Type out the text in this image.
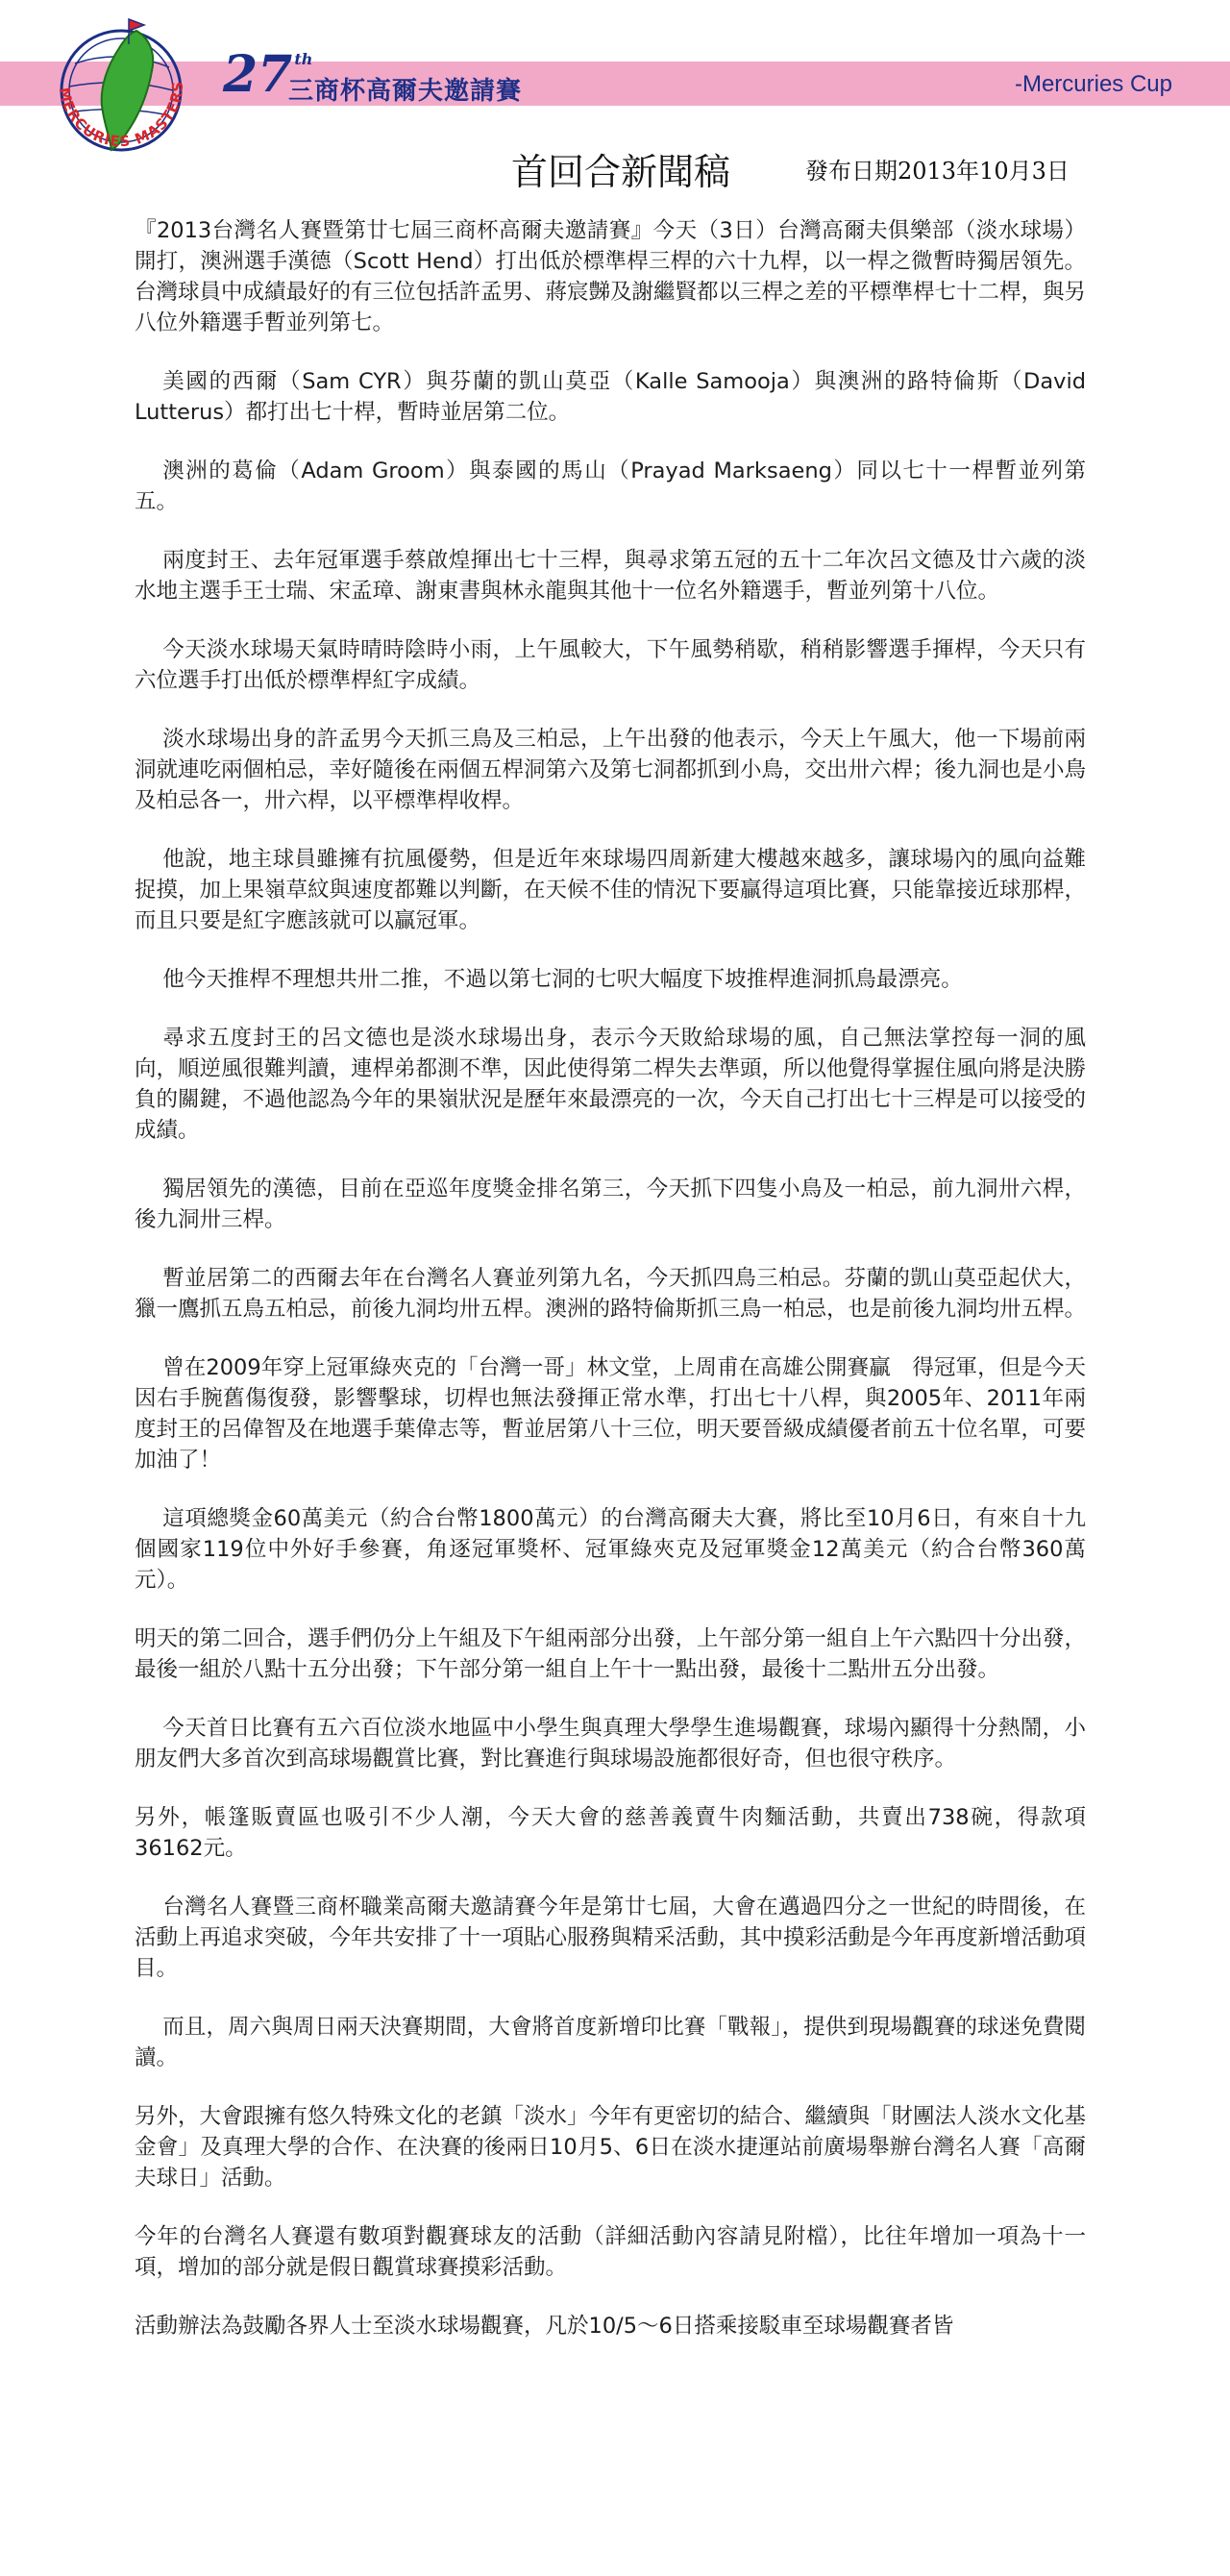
MERCURIES MASTERS 27 $^{th}$
三商杯高爾夫邀請賽	-Mercuries Cup
首回合新聞稿	發布日期2013年10月3日

『2013台灣名人賽暨第廿七屆三商杯高爾夫邀請賽』今天（3日）台灣高爾夫俱樂部（淡水球場）開打，澳洲選手漢德（Scott Hend）打出低於標準桿三桿的六十九桿，以一桿之微暫時獨居領先。台灣球員中成績最好的有三位包括許孟男、蔣宸豑及謝繼賢都以三桿之差的平標準桿七十二桿，與另八位外籍選手暫並列第七。

美國的西爾（Sam CYR）與芬蘭的凱山莫亞（Kalle Samooja）與澳洲的路特倫斯（David Lutterus）都打出七十桿，暫時並居第二位。

澳洲的葛倫（Adam Groom）與泰國的馬山（Prayad Marksaeng）同以七十一桿暫並列第五。

兩度封王、去年冠軍選手蔡啟煌揮出七十三桿，與尋求第五冠的五十二年次呂文德及廿六歲的淡水地主選手王士瑞、宋孟璋、謝東書與林永龍與其他十一位名外籍選手，暫並列第十八位。

今天淡水球場天氣時晴時陰時小雨，上午風較大，下午風勢稍歇，稍稍影響選手揮桿，今天只有六位選手打出低於標準桿紅字成績。

淡水球場出身的許孟男今天抓三鳥及三柏忌，上午出發的他表示，今天上午風大，他一下場前兩洞就連吃兩個柏忌，幸好隨後在兩個五桿洞第六及第七洞都抓到小鳥，交出卅六桿；後九洞也是小鳥及柏忌各一，卅六桿，以平標準桿收桿。

他說，地主球員雖擁有抗風優勢，但是近年來球場四周新建大樓越來越多，讓球場內的風向益難捉摸，加上果嶺草紋與速度都難以判斷，在天候不佳的情況下要贏得這項比賽，只能靠接近球那桿，而且只要是紅字應該就可以贏冠軍。

他今天推桿不理想共卅二推，不過以第七洞的七呎大幅度下坡推桿進洞抓鳥最漂亮。

尋求五度封王的呂文德也是淡水球場出身，表示今天敗給球場的風，自己無法掌控每一洞的風向，順逆風很難判讀，連桿弟都測不準，因此使得第二桿失去準頭，所以他覺得掌握住風向將是決勝負的關鍵，不過他認為今年的果嶺狀況是歷年來最漂亮的一次，今天自己打出七十三桿是可以接受的成績。

獨居領先的漢德，目前在亞巡年度獎金排名第三，今天抓下四隻小鳥及一柏忌，前九洞卅六桿，後九洞卅三桿。

暫並居第二的西爾去年在台灣名人賽並列第九名，今天抓四鳥三柏忌。芬蘭的凱山莫亞起伏大，獵一鷹抓五鳥五柏忌，前後九洞均卅五桿。澳洲的路特倫斯抓三鳥一柏忌，也是前後九洞均卅五桿。

曾在2009年穿上冠軍綠夾克的「台灣一哥」林文堂，上周甫在高雄公開賽贏　得冠軍，但是今天因右手腕舊傷復發，影響擊球，切桿也無法發揮正常水準，打出七十八桿，與2005年、2011年兩度封王的呂偉智及在地選手葉偉志等，暫並居第八十三位，明天要晉級成績優者前五十位名單，可要加油了！

這項總獎金60萬美元（約合台幣1800萬元）的台灣高爾夫大賽，將比至10月6日，有來自十九個國家119位中外好手參賽，角逐冠軍獎杯、冠軍綠夾克及冠軍獎金12萬美元（約合台幣360萬元）。

明天的第二回合，選手們仍分上午組及下午組兩部分出發，上午部分第一組自上午六點四十分出發，最後一組於八點十五分出發；下午部分第一組自上午十一點出發，最後十二點卅五分出發。

今天首日比賽有五六百位淡水地區中小學生與真理大學學生進場觀賽，球場內顯得十分熱鬧，小朋友們大多首次到高球場觀賞比賽，對比賽進行與球場設施都很好奇，但也很守秩序。

另外，帳篷販賣區也吸引不少人潮，今天大會的慈善義賣牛肉麵活動，共賣出738碗，得款項36162元。

台灣名人賽暨三商杯職業高爾夫邀請賽今年是第廿七屆，大會在邁過四分之一世紀的時間後，在活動上再追求突破，今年共安排了十一項貼心服務與精采活動，其中摸彩活動是今年再度新增活動項目。

而且，周六與周日兩天決賽期間，大會將首度新增印比賽「戰報」，提供到現場觀賽的球迷免費閱讀。

另外，大會跟擁有悠久特殊文化的老鎮「淡水」今年有更密切的結合、繼續與「財團法人淡水文化基金會」及真理大學的合作、在決賽的後兩日10月5、6日在淡水捷運站前廣場舉辦台灣名人賽「高爾夫球日」活動。

今年的台灣名人賽還有數項對觀賽球友的活動（詳細活動內容請見附檔），比往年增加一項為十一項，增加的部分就是假日觀賞球賽摸彩活動。

活動辦法為鼓勵各界人士至淡水球場觀賽，凡於10/5～6日搭乘接駁車至球場觀賽者皆
